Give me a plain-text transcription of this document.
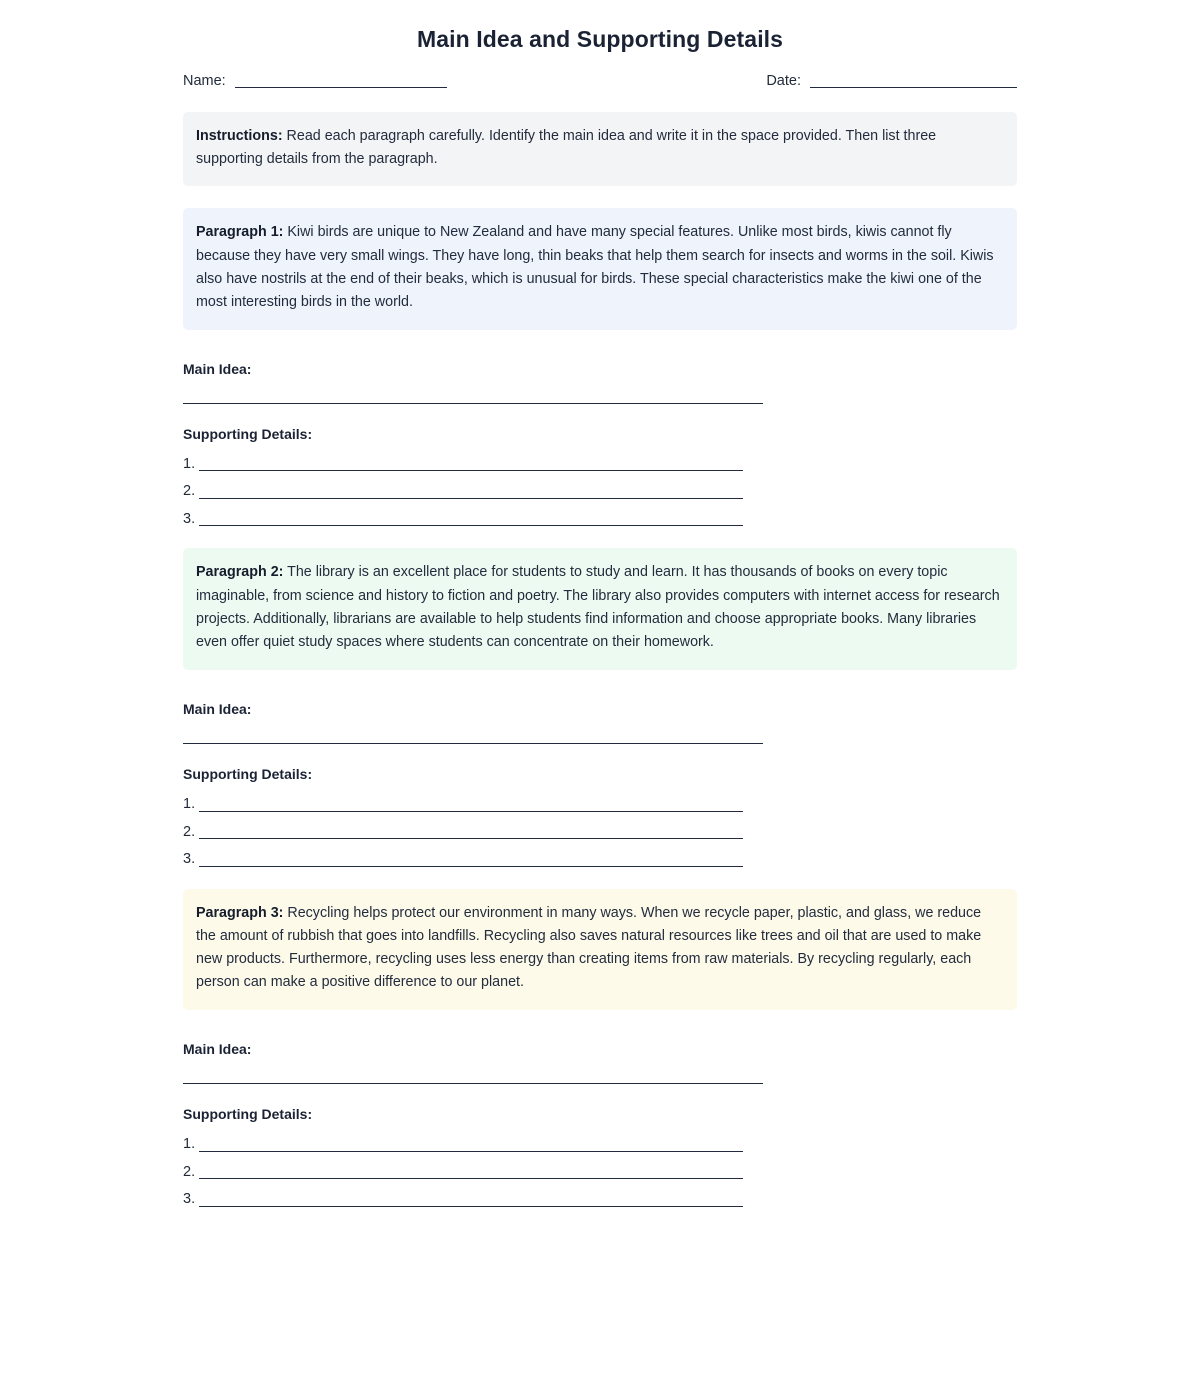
Main Idea and Supporting Details
Name:	Date:
Instructions: Read each paragraph carefully. Identify the main idea and write it in the space provided. Then list three supporting details from the paragraph.
Paragraph 1: Kiwi birds are unique to New Zealand and have many special features. Unlike most birds, kiwis cannot fly because they have very small wings. They have long, thin beaks that help them search for insects and worms in the soil. Kiwis also have nostrils at the end of their beaks, which is unusual for birds. These special characteristics make the kiwi one of the most interesting birds in the world.
Main Idea:
Supporting Details:
1.
2.
3.
Paragraph 2: The library is an excellent place for students to study and learn. It has thousands of books on every topic imaginable, from science and history to fiction and poetry. The library also provides computers with internet access for research projects. Additionally, librarians are available to help students find information and choose appropriate books. Many libraries even offer quiet study spaces where students can concentrate on their homework.
Main Idea:
Supporting Details:
1.
2.
3.
Paragraph 3: Recycling helps protect our environment in many ways. When we recycle paper, plastic, and glass, we reduce the amount of rubbish that goes into landfills. Recycling also saves natural resources like trees and oil that are used to make new products. Furthermore, recycling uses less energy than creating items from raw materials. By recycling regularly, each person can make a positive difference to our planet.
Main Idea:
Supporting Details:
1.
2.
3.
